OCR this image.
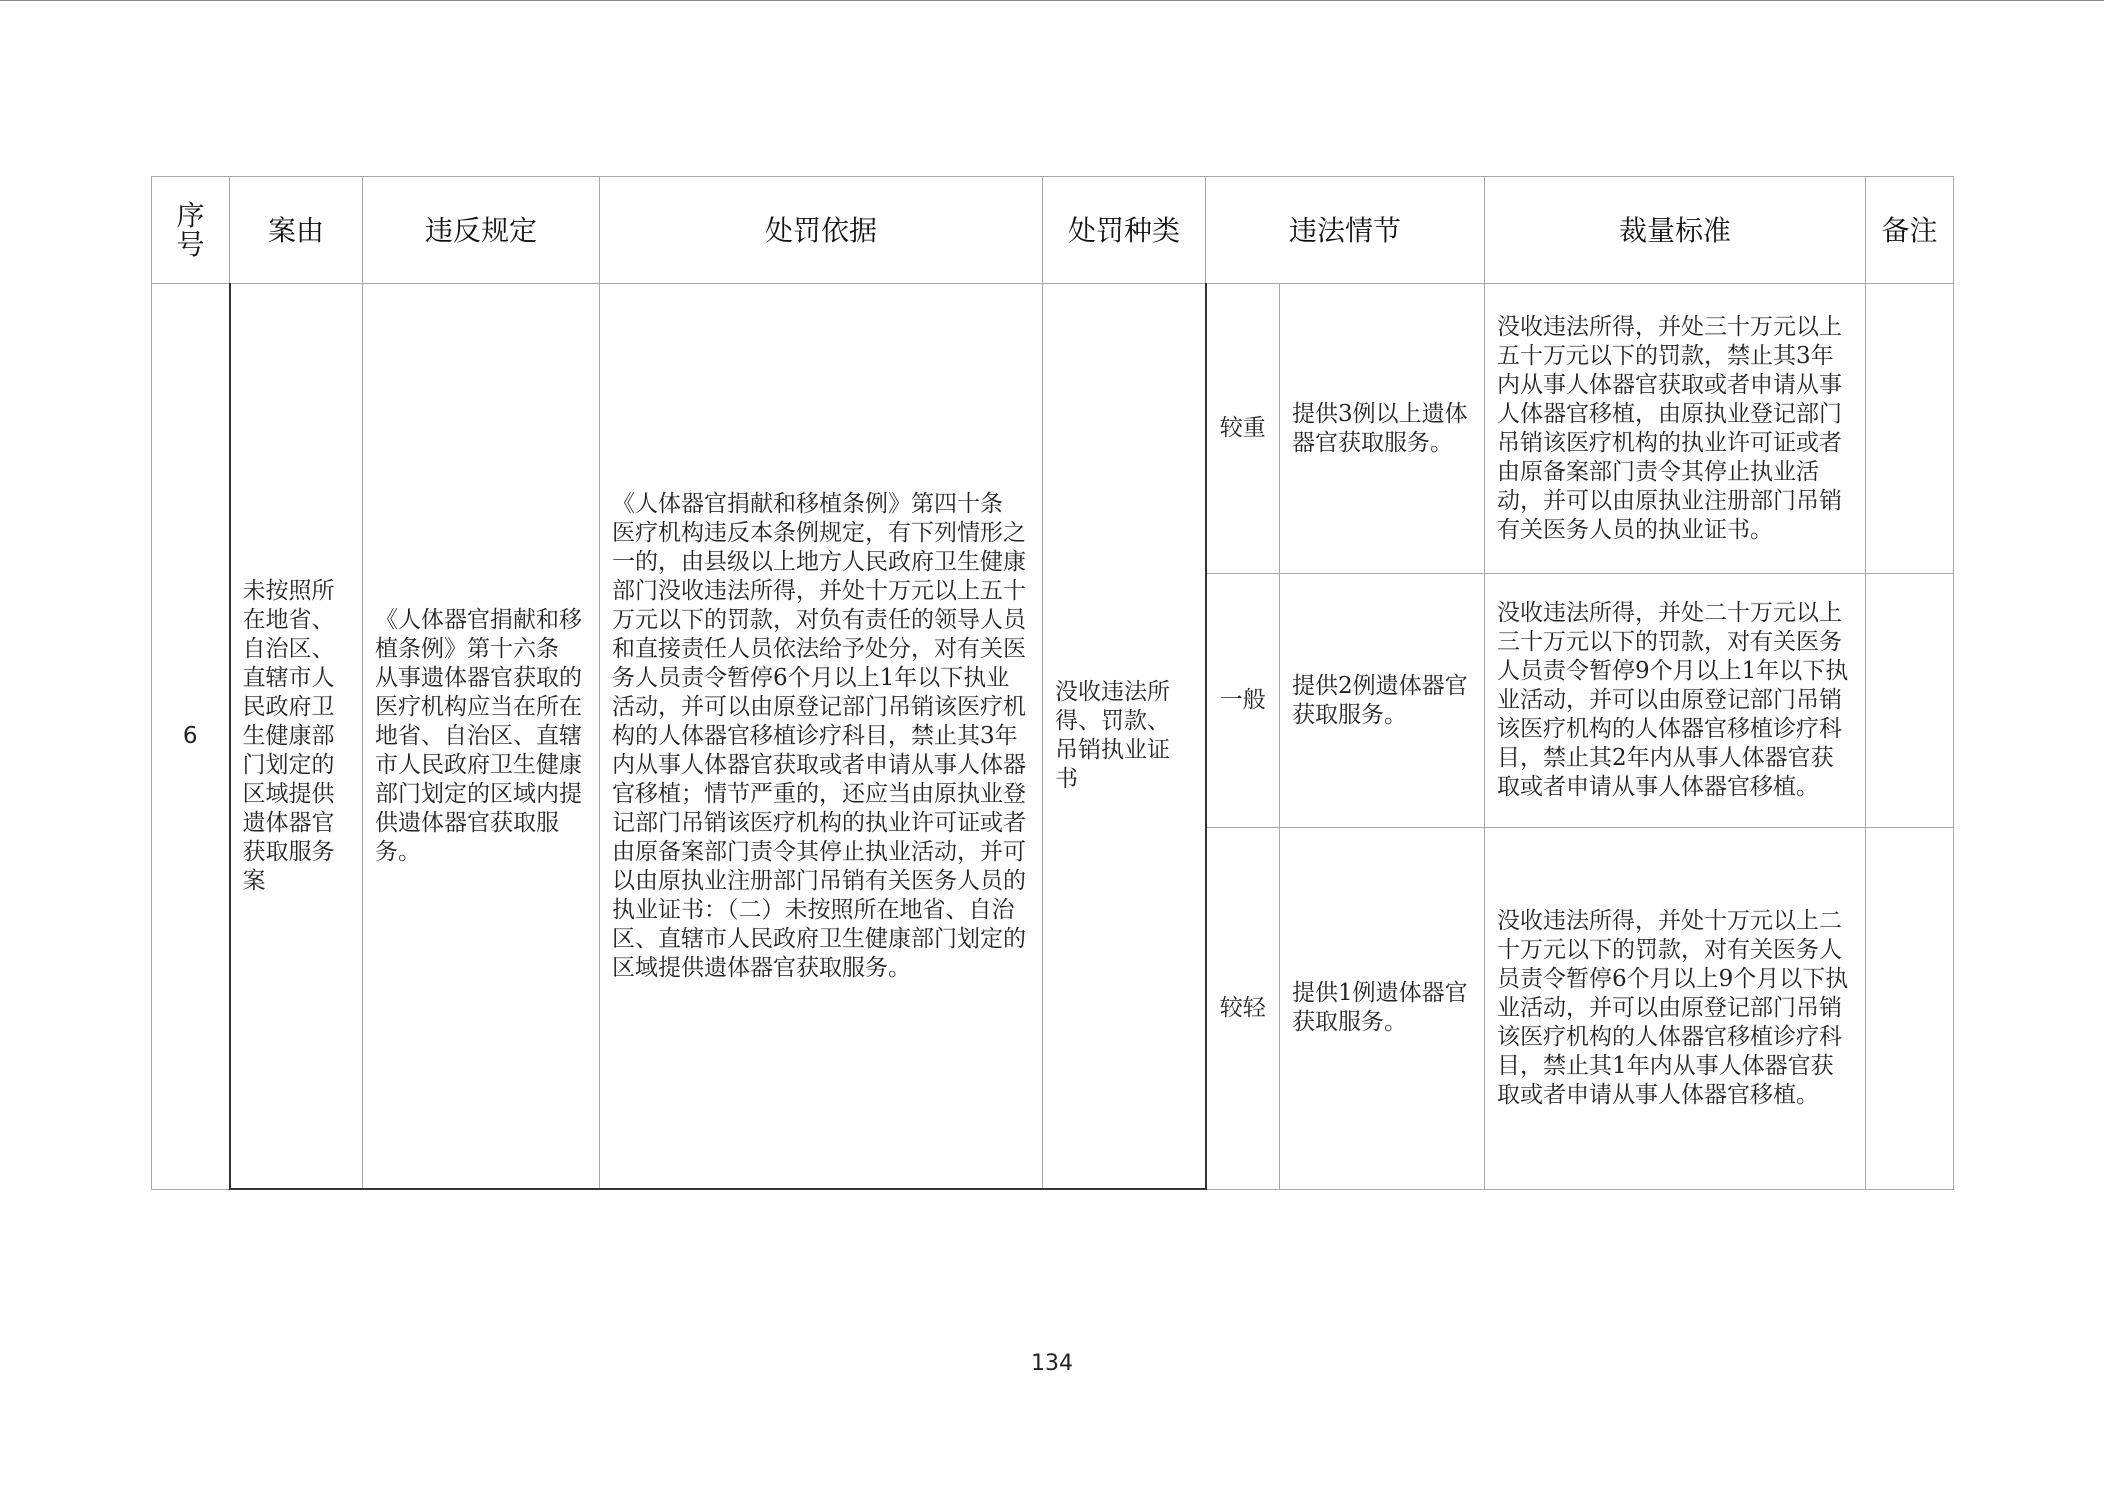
序号	案由	违反规定	处罚依据	处罚种类	违法情节		裁量标准	备注
6	未按照所在地省、自治区、直辖市人民政府卫生健康部门划定的区域提供遗体器官获取服务案	《人体器官捐献和移植条例》第十六条 从事遗体器官获取的医疗机构应当在所在地省、自治区、直辖市人民政府卫生健康部门划定的区域内提供遗体器官获取服务。	《人体器官捐献和移植条例》第四十条 医疗机构违反本条例规定，有下列情形之一的，由县级以上地方人民政府卫生健康部门没收违法所得，并处十万元以上五十万元以下的罚款，对负有责任的领导人员和直接责任人员依法给予处分，对有关医务人员责令暂停6个月以上1年以下执业活动，并可以由原登记部门吊销该医疗机构的人体器官移植诊疗科目，禁止其3年内从事人体器官获取或者申请从事人体器官移植；情节严重的，还应当由原执业登记部门吊销该医疗机构的执业许可证或者由原备案部门责令其停止执业活动，并可以由原执业注册部门吊销有关医务人员的执业证书：（二）未按照所在地省、自治区、直辖市人民政府卫生健康部门划定的区域提供遗体器官获取服务。	没收违法所得、罚款、吊销执业证书	较重	提供3例以上遗体器官获取服务。	没收违法所得，并处三十万元以上五十万元以下的罚款，禁止其3年内从事人体器官获取或者申请从事人体器官移植，由原执业登记部门吊销该医疗机构的执业许可证或者由原备案部门责令其停止执业活动，并可以由原执业注册部门吊销有关医务人员的执业证书。	
					一般	提供2例遗体器官获取服务。	没收违法所得，并处二十万元以上三十万元以下的罚款，对有关医务人员责令暂停9个月以上1年以下执业活动，并可以由原登记部门吊销该医疗机构的人体器官移植诊疗科目，禁止其2年内从事人体器官获取或者申请从事人体器官移植。	
					较轻	提供1例遗体器官获取服务。	没收违法所得，并处十万元以上二十万元以下的罚款，对有关医务人员责令暂停6个月以上9个月以下执业活动，并可以由原登记部门吊销该医疗机构的人体器官移植诊疗科目，禁止其1年内从事人体器官获取或者申请从事人体器官移植。	
134
